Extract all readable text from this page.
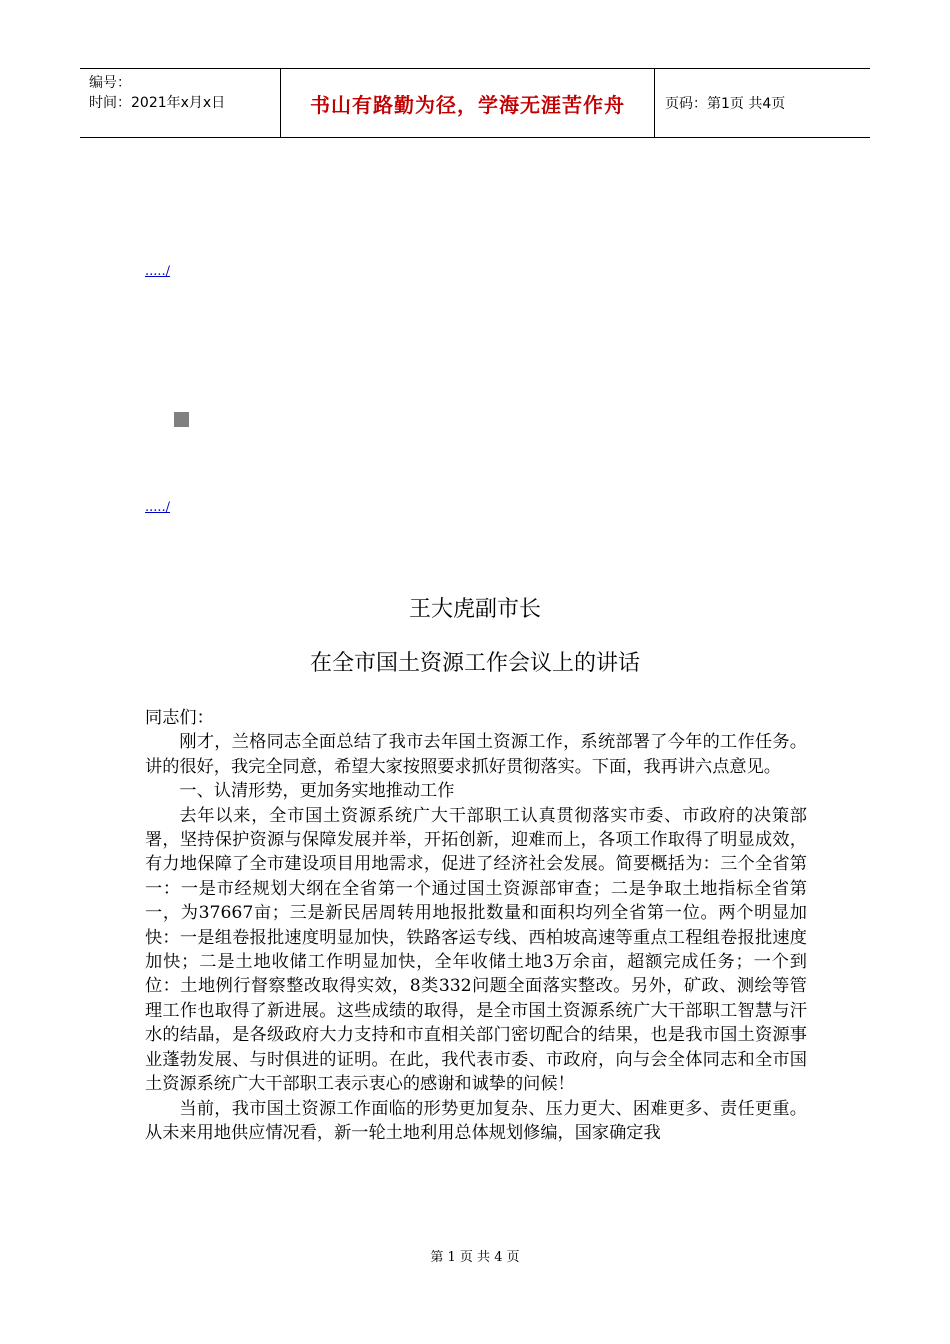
编号：
时间：2021年x月x日	书山有路勤为径，学海无涯苦作舟	页码：第1页 共4页
...../
...../
王大虎副市长
在全市国土资源工作会议上的讲话

同志们：

刚才，兰格同志全面总结了我市去年国土资源工作，系统部署了今年的工作任务。讲的很好，我完全同意，希望大家按照要求抓好贯彻落实。下面，我再讲六点意见。

一、认清形势，更加务实地推动工作

去年以来，全市国土资源系统广大干部职工认真贯彻落实市委、市政府的决策部署，坚持保护资源与保障发展并举，开拓创新，迎难而上，各项工作取得了明显成效，有力地保障了全市建设项目用地需求，促进了经济社会发展。简要概括为：三个全省第一：一是市经规划大纲在全省第一个通过国土资源部审查；二是争取土地指标全省第一，为37667亩；三是新民居周转用地报批数量和面积均列全省第一位。两个明显加快：一是组卷报批速度明显加快，铁路客运专线、西柏坡高速等重点工程组卷报批速度加快；二是土地收储工作明显加快，全年收储土地3万余亩，超额完成任务；一个到位：土地例行督察整改取得实效，8类332问题全面落实整改。另外，矿政、测绘等管理工作也取得了新进展。这些成绩的取得，是全市国土资源系统广大干部职工智慧与汗水的结晶，是各级政府大力支持和市直相关部门密切配合的结果，也是我市国土资源事业蓬勃发展、与时俱进的证明。在此，我代表市委、市政府，向与会全体同志和全市国土资源系统广大干部职工表示衷心的感谢和诚挚的问候！

当前，我市国土资源工作面临的形势更加复杂、压力更大、困难更多、责任更重。从未来用地供应情况看，新一轮土地利用总体规划修编，国家确定我

第 1 页 共 4 页
